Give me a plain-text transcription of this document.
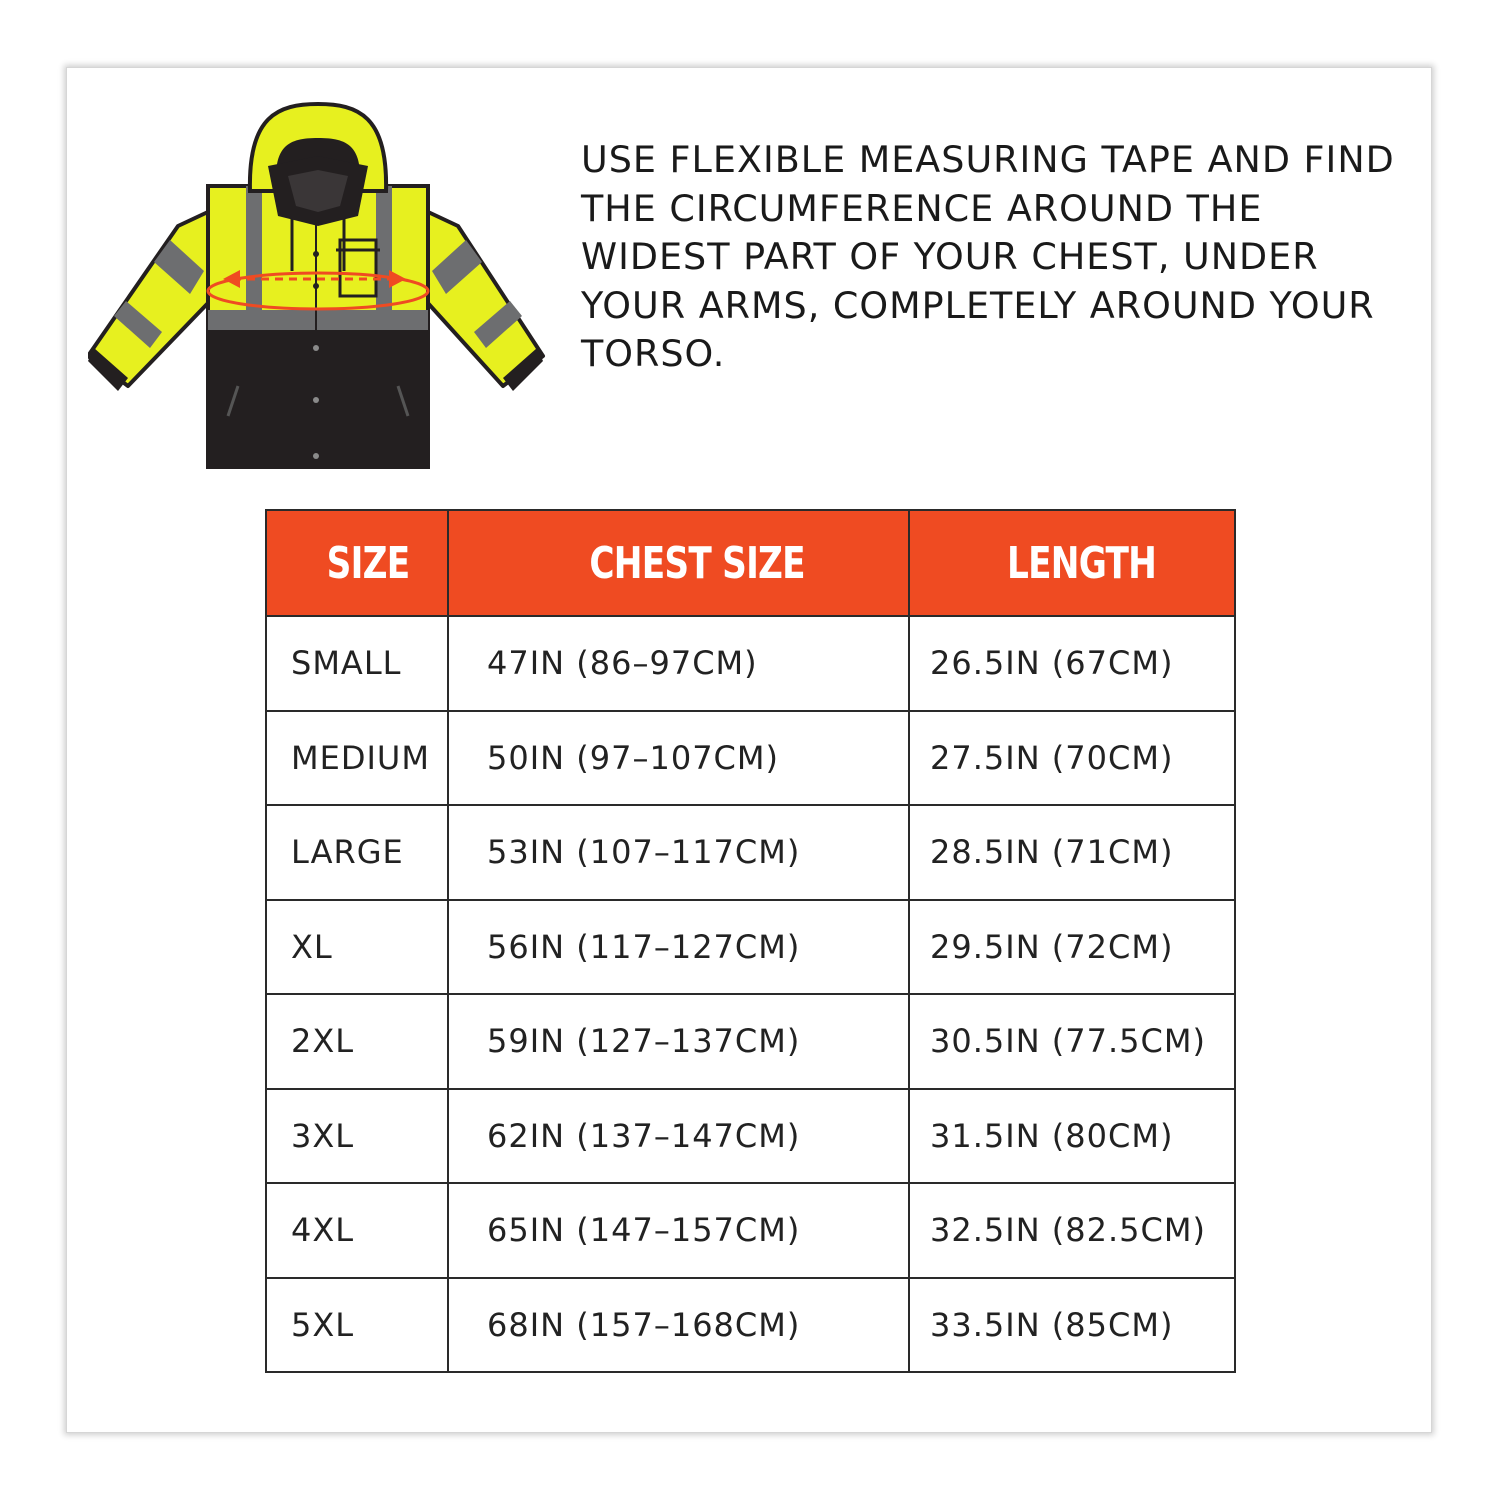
USE FLEXIBLE MEASURING TAPE AND FIND THE CIRCUMFERENCE AROUND THE WIDEST PART OF YOUR CHEST, UNDER YOUR ARMS, COMPLETELY AROUND YOUR TORSO.

SIZE	CHEST SIZE	LENGTH
SMALL	47IN (86–97CM)	26.5IN (67CM)
MEDIUM	50IN (97–107CM)	27.5IN (70CM)
LARGE	53IN (107–117CM)	28.5IN (71CM)
XL	56IN (117–127CM)	29.5IN (72CM)
2XL	59IN (127–137CM)	30.5IN (77.5CM)
3XL	62IN (137–147CM)	31.5IN (80CM)
4XL	65IN (147–157CM)	32.5IN (82.5CM)
5XL	68IN (157–168CM)	33.5IN (85CM)
